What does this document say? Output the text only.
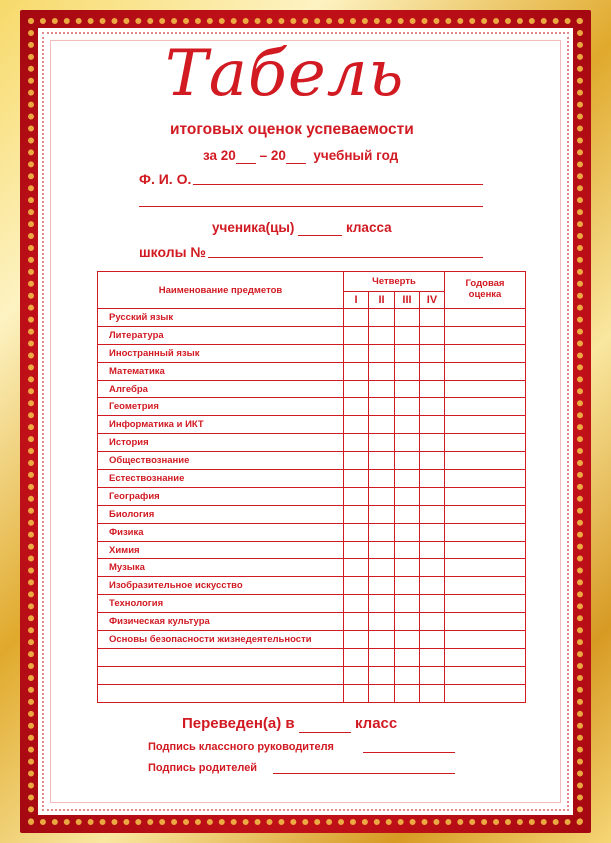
Табель
итоговых оценок успеваемости
за 20 – 20 учебный год
Ф. И. О.
ученика(цы)	класса
школы №
Наименование предметов	Четверть				Годовая
оценка
	I	II	III	IV	
Русский язык					
Литература					
Иностранный язык					
Математика					
Алгебра					
Геометрия					
Информатика и ИКТ					
История					
Обществознание					
Естествознание					
География					
Биология					
Физика					
Химия					
Музыка					
Изобразительное искусство					
Технология					
Физическая культура					
Основы безопасности жизнедеятельности					

Переведен(а) в	класс
Подпись классного руководителя
Подпись родителей
